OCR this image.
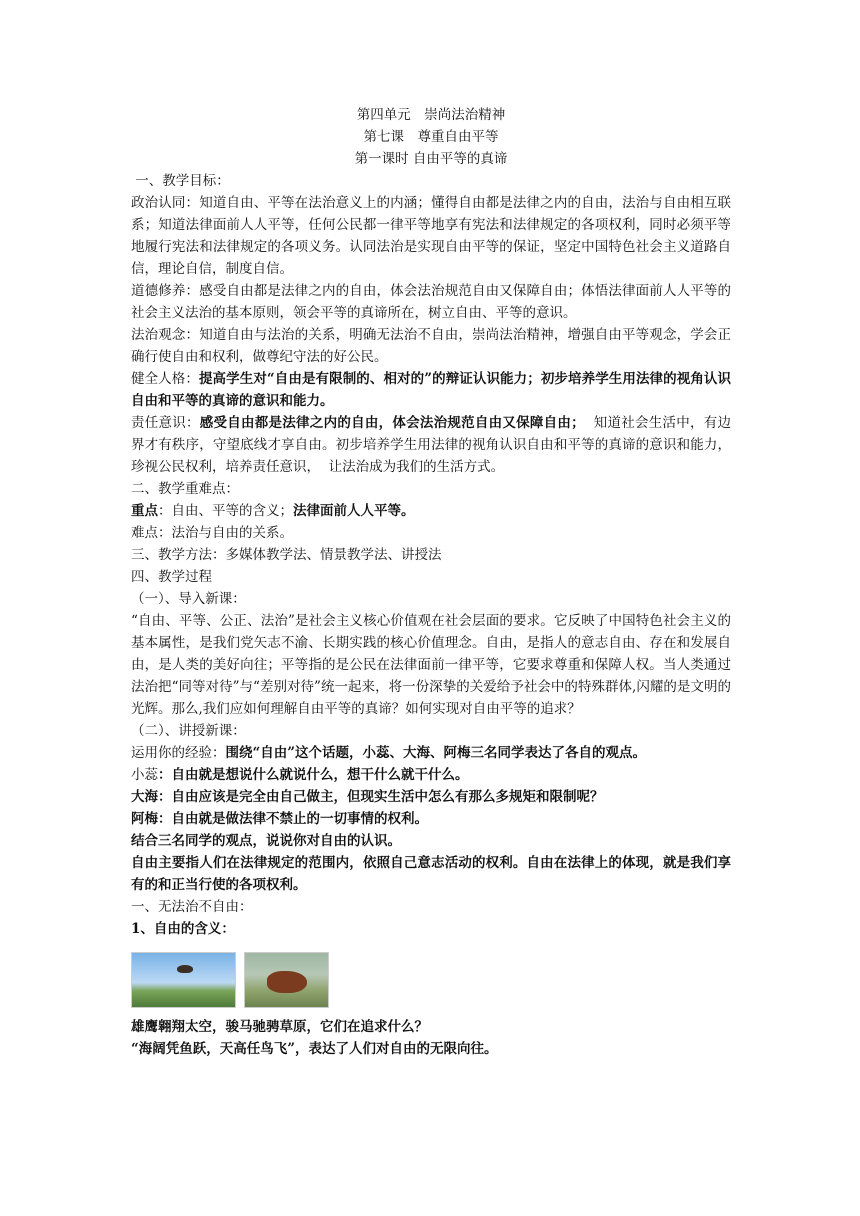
第四单元　崇尚法治精神

第七课　尊重自由平等

第一课时 自由平等的真谛

一、教学目标：

政治认同：知道自由、平等在法治意义上的内涵；懂得自由都是法律之内的自由，法治与自由相互联系；知道法律面前人人平等，任何公民都一律平等地享有宪法和法律规定的各项权利，同时必须平等地履行宪法和法律规定的各项义务。认同法治是实现自由平等的保证，坚定中国特色社会主义道路自信，理论自信，制度自信。

道德修养：感受自由都是法律之内的自由，体会法治规范自由又保障自由；体悟法律面前人人平等的社会主义法治的基本原则，领会平等的真谛所在，树立自由、平等的意识。

法治观念：知道自由与法治的关系，明确无法治不自由，崇尚法治精神，增强自由平等观念，学会正确行使自由和权利，做尊纪守法的好公民。

健全人格：提高学生对“自由是有限制的、相对的”的辩证认识能力；初步培养学生用法律的视角认识自由和平等的真谛的意识和能力。

责任意识：感受自由都是法律之内的自由，体会法治规范自由又保障自由；  知道社会生活中，有边界才有秩序，守望底线才享自由。初步培养学生用法律的视角认识自由和平等的真谛的意识和能力，珍视公民权利，培养责任意识，  让法治成为我们的生活方式。

二、教学重难点：

重点：自由、平等的含义；法律面前人人平等。

难点：法治与自由的关系。

三、教学方法：多媒体教学法、情景教学法、讲授法

四、教学过程

（一）、导入新课：

“自由、平等、公正、法治”是社会主义核心价值观在社会层面的要求。它反映了中国特色社会主义的基本属性，是我们党矢志不渝、长期实践的核心价值理念。自由，是指人的意志自由、存在和发展自由，是人类的美好向往；平等指的是公民在法律面前一律平等，它要求尊重和保障人权。当人类通过法治把“同等对待”与“差别对待”统一起来，将一份深挚的关爱给予社会中的特殊群体,闪耀的是文明的光辉。那么,我们应如何理解自由平等的真谛？如何实现对自由平等的追求？

（二）、讲授新课：

运用你的经验：围绕“自由”这个话题，小蕊、大海、阿梅三名同学表达了各自的观点。

小蕊：自由就是想说什么就说什么，想干什么就干什么。

大海：自由应该是完全由自己做主，但现实生活中怎么有那么多规矩和限制呢？

阿梅：自由就是做法律不禁止的一切事情的权利。

结合三名同学的观点，说说你对自由的认识。

自由主要指人们在法律规定的范围内，依照自己意志活动的权利。自由在法律上的体现，就是我们享有的和正当行使的各项权利。

一、无法治不自由：

1、自由的含义：

雄鹰翱翔太空，骏马驰骋草原，它们在追求什么？

“海阔凭鱼跃，天高任鸟飞”，表达了人们对自由的无限向往。
